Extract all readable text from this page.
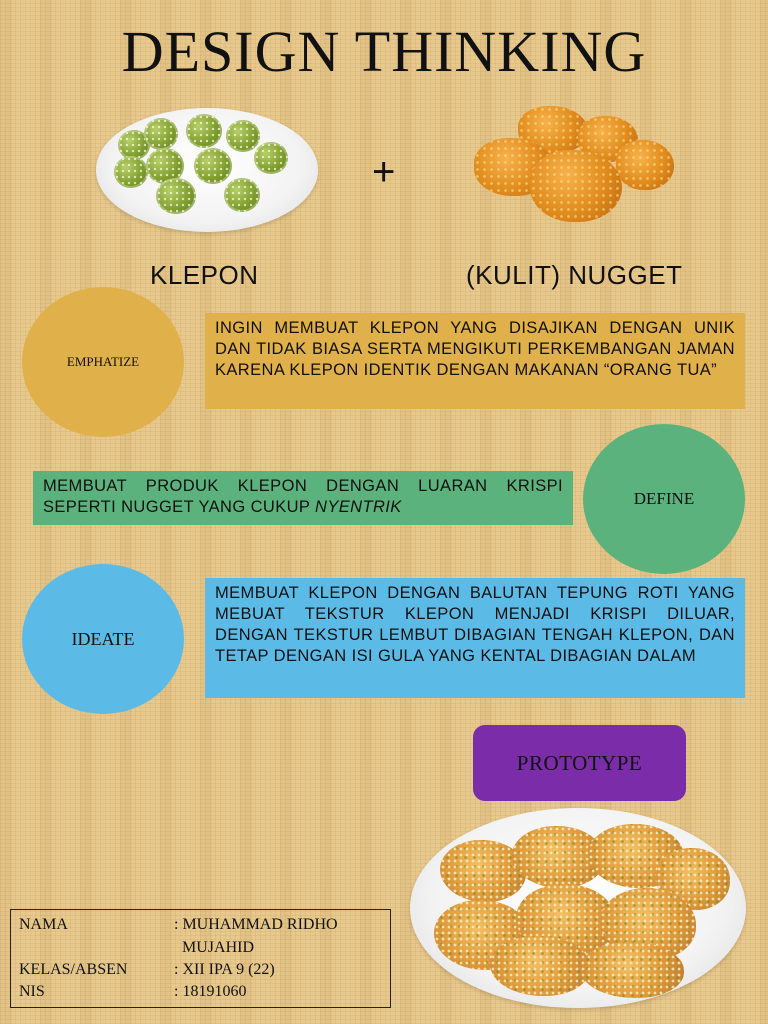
DESIGN THINKING
+
KLEPON	(KULIT) NUGGET
EMPHATIZE
INGIN MEMBUAT KLEPON YANG DISAJIKAN DENGAN UNIK DAN TIDAK BIASA SERTA MENGIKUTI PERKEMBANGAN JAMAN KARENA KLEPON IDENTIK DENGAN MAKANAN “ORANG TUA”
MEMBUAT PRODUK KLEPON DENGAN LUARAN KRISPI SEPERTI NUGGET YANG CUKUP NYENTRIK	DEFINE
IDEATE
MEMBUAT KLEPON DENGAN BALUTAN TEPUNG ROTI YANG MEBUAT TEKSTUR KLEPON MENJADI KRISPI DILUAR, DENGAN TEKSTUR LEMBUT DIBAGIAN TENGAH KLEPON, DAN TETAP DENGAN ISI GULA YANG KENTAL DIBAGIAN DALAM
PROTOTYPE
NAMA	: MUHAMMAD RIDHO
MUJAHID
KELAS/ABSEN	: XII IPA 9 (22)
NIS	: 18191060
